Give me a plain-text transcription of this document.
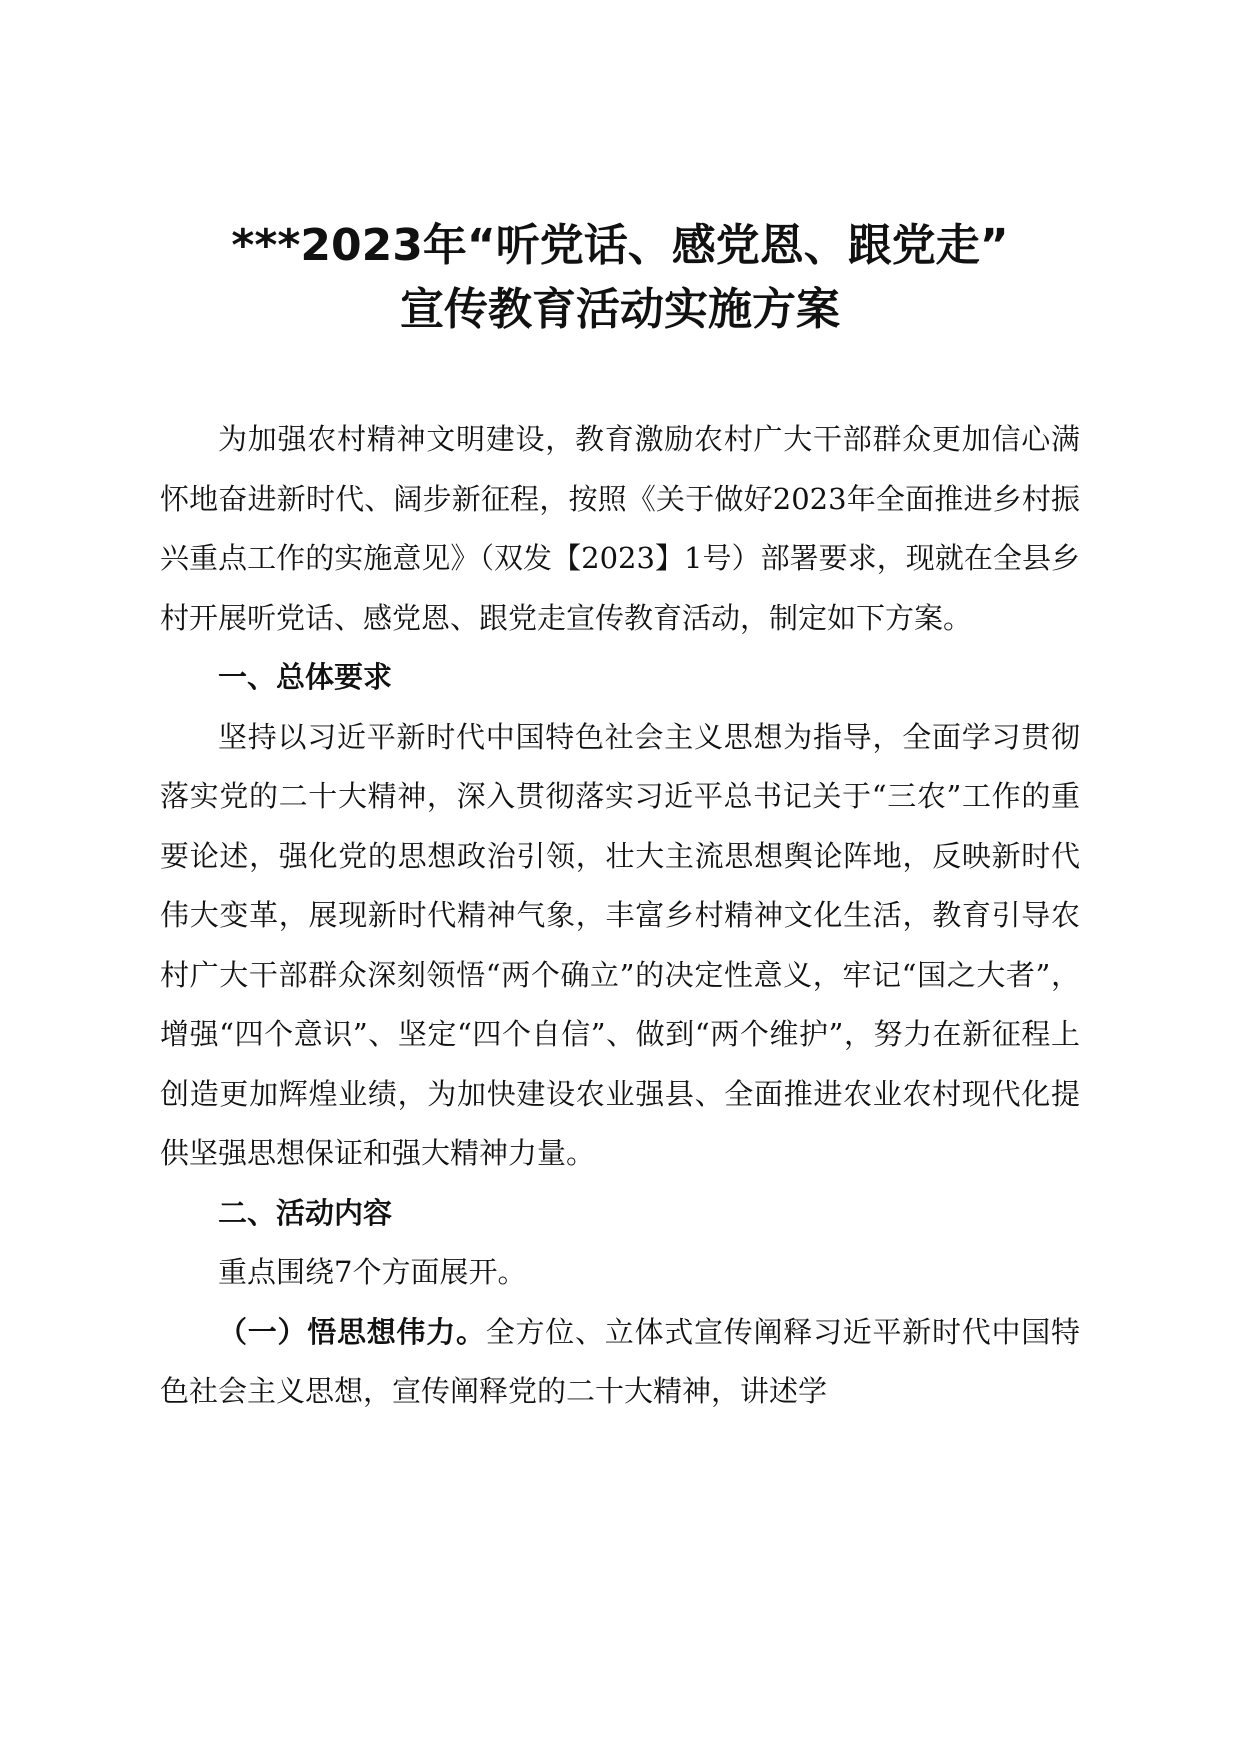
***2023年“听党话、感党恩、跟党走”
宣传教育活动实施方案

为加强农村精神文明建设，教育激励农村广大干部群众更加信心满怀地奋进新时代、阔步新征程，按照《关于做好2023年全面推进乡村振兴重点工作的实施意见》（双发【2023】1号）部署要求，现就在全县乡村开展听党话、感党恩、跟党走宣传教育活动，制定如下方案。

一、总体要求

坚持以习近平新时代中国特色社会主义思想为指导，全面学习贯彻落实党的二十大精神，深入贯彻落实习近平总书记关于“三农”工作的重要论述，强化党的思想政治引领，壮大主流思想舆论阵地，反映新时代伟大变革，展现新时代精神气象，丰富乡村精神文化生活，教育引导农村广大干部群众深刻领悟“两个确立”的决定性意义，牢记“国之大者”，增强“四个意识”、坚定“四个自信”、做到“两个维护”，努力在新征程上创造更加辉煌业绩，为加快建设农业强县、全面推进农业农村现代化提供坚强思想保证和强大精神力量。

二、活动内容

重点围绕7个方面展开。

（一）悟思想伟力。全方位、立体式宣传阐释习近平新时代中国特色社会主义思想，宣传阐释党的二十大精神，讲述学
